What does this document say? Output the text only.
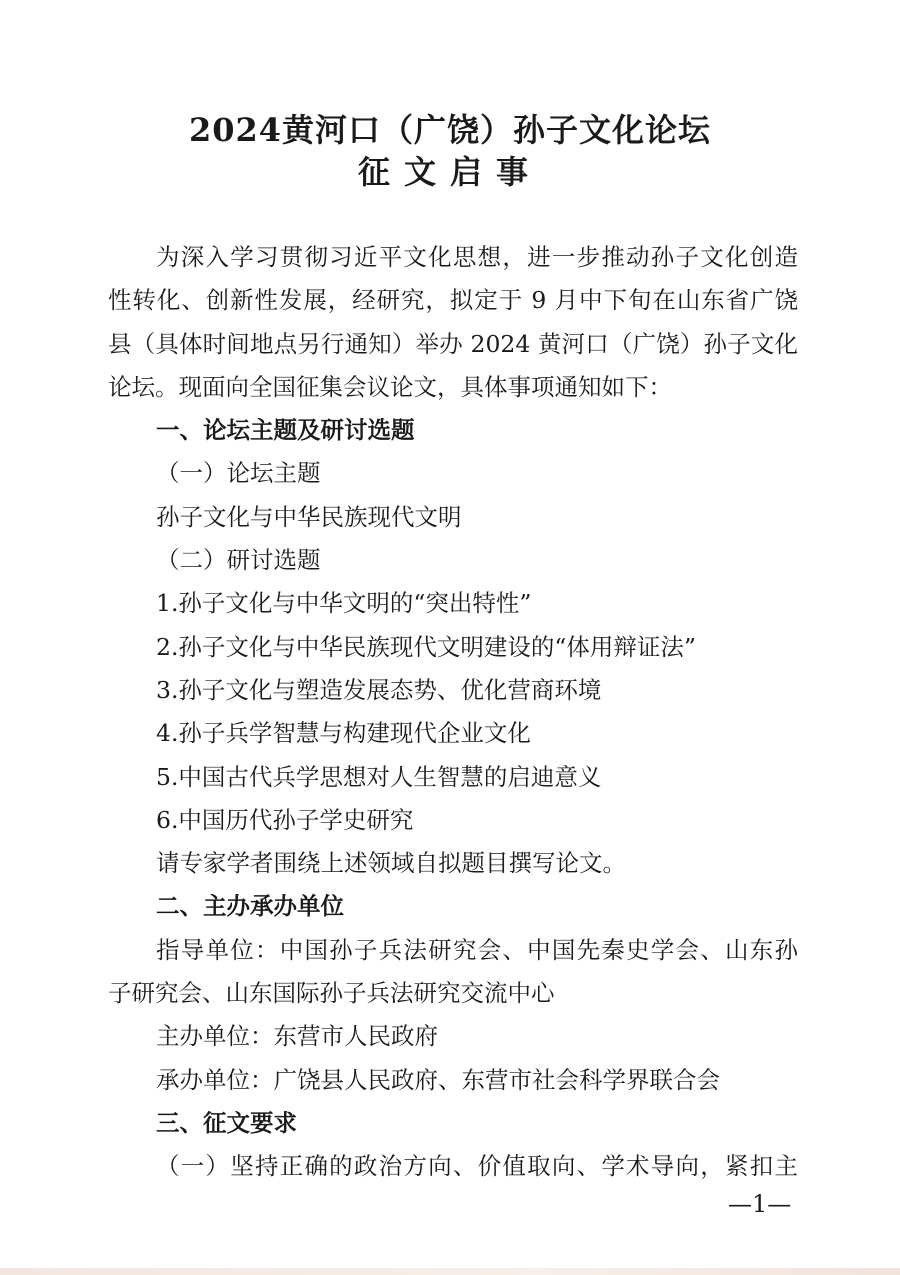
2024黄河口（广饶）孙子文化论坛
征文启事

为深入学习贯彻习近平文化思想，进一步推动孙子文化创造

性转化、创新性发展，经研究，拟定于 9 月中下旬在山东省广饶

县（具体时间地点另行通知）举办 2024 黄河口（广饶）孙子文化

论坛。现面向全国征集会议论文，具体事项通知如下：

一、论坛主题及研讨选题

（一）论坛主题

孙子文化与中华民族现代文明

（二）研讨选题

1.孙子文化与中华文明的“突出特性”

2.孙子文化与中华民族现代文明建设的“体用辩证法”

3.孙子文化与塑造发展态势、优化营商环境

4.孙子兵学智慧与构建现代企业文化

5.中国古代兵学思想对人生智慧的启迪意义

6.中国历代孙子学史研究

请专家学者围绕上述领域自拟题目撰写论文。

二、主办承办单位

指导单位：中国孙子兵法研究会、中国先秦史学会、山东孙

子研究会、山东国际孙子兵法研究交流中心

主办单位：东营市人民政府

承办单位：广饶县人民政府、东营市社会科学界联合会

三、征文要求

（一）坚持正确的政治方向、价值取向、学术导向，紧扣主

—1—
